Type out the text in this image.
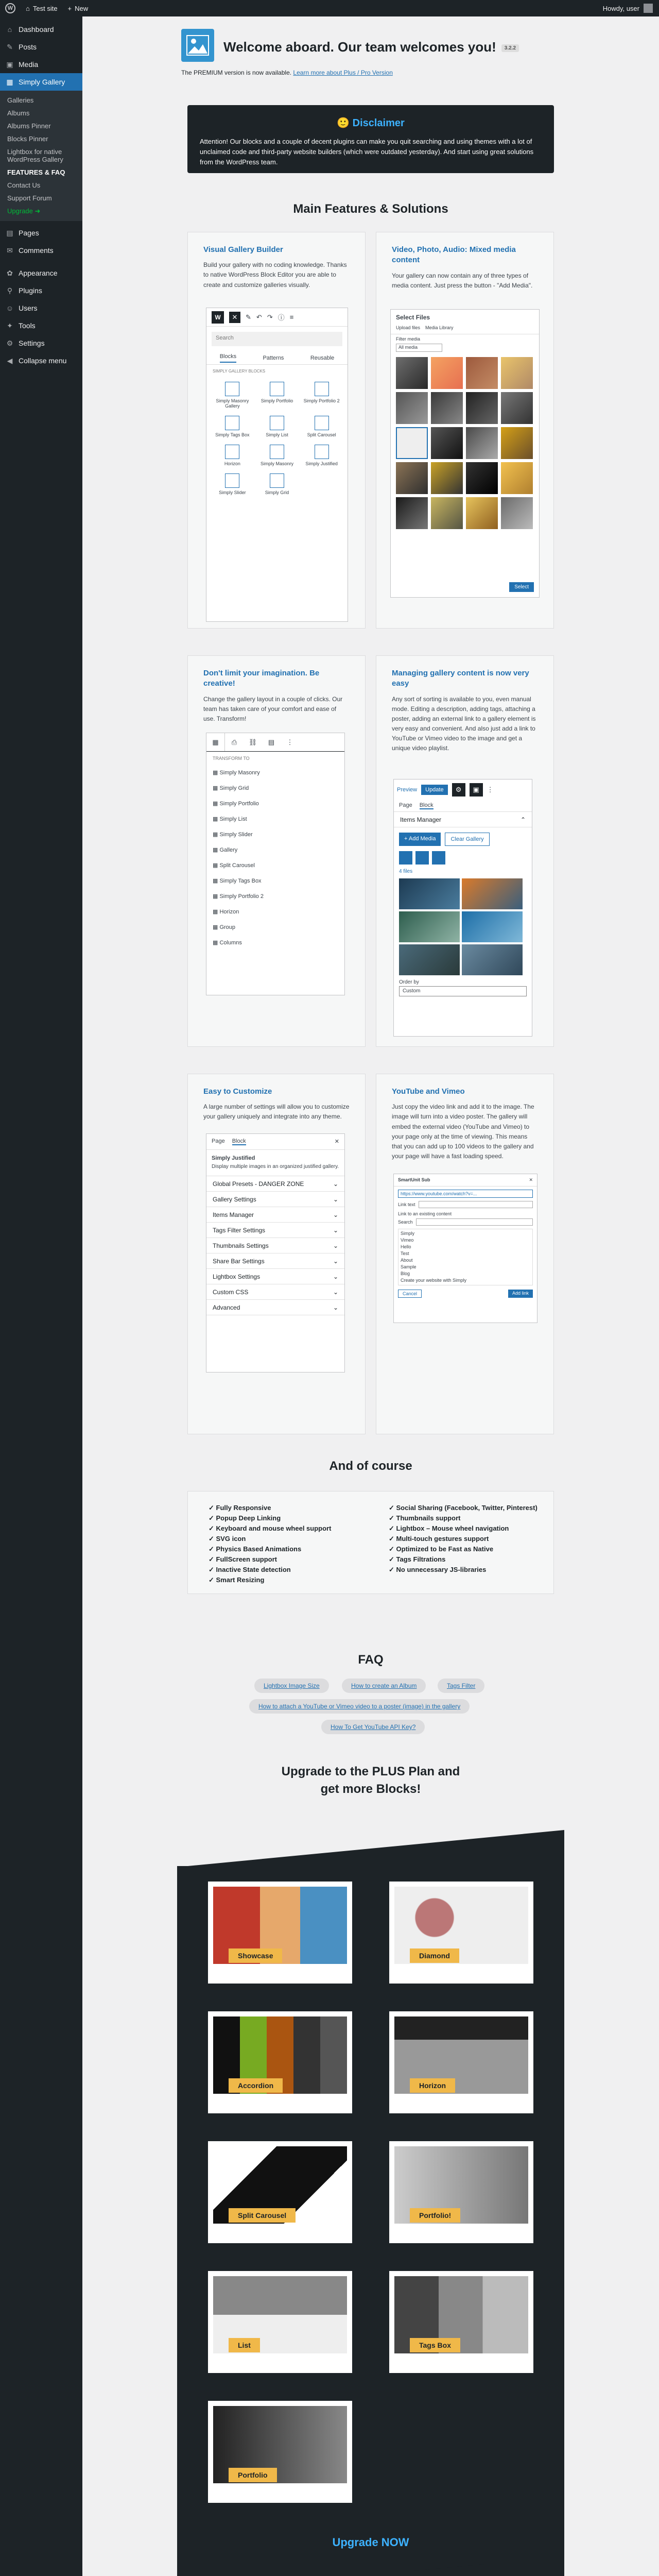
W	⌂ Test site + New	Howdy, user
⌂ Dashboard
✎ Posts
▣ Media
▦ Simply Gallery
Galleries
Albums
Albums Pinner
Blocks Pinner
Lightbox for native WordPress Gallery
FEATURES & FAQ
Contact Us
Support Forum
Upgrade ➜
▤ Pages
✉ Comments
✿ Appearance
⚲ Plugins
☺ Users
✦ Tools
⚙ Settings
◀ Collapse menu
Welcome aboard. Our team welcomes you! 3.2.2
The PREMIUM version is now available. Learn more about Plus / Pro Version
🙂 Disclaimer

Attention! Our blocks and a couple of decent plugins can make you quit searching and using themes with a lot of unclaimed code and third-party website builders (which were outdated yesterday). And start using great solutions from the WordPress team.

Main Features & Solutions
Visual Gallery Builder

Build your gallery with no coding knowledge. Thanks to native WordPress Block Editor you are able to create and customize galleries visually.

W	✕	✎ ↶ ↷ ⓘ ≡
Search
Blocks	Patterns	Reusable
SIMPLY GALLERY BLOCKS
Simply Masonry Gallery
Simply Portfolio	Simply Portfolio 2
Simply Tags Box	Simply List	Split Carousel
Horizon	Simply Masonry	Simply Justified
Simply Slider	Simply Grid
Video, Photo, Audio: Mixed media content

Your gallery can now contain any of three types of media content. Just press the button - "Add Media".

Select Files
Upload files Media Library
Filter media
All media
Select
Don't limit your imagination. Be creative!

Change the gallery layout in a couple of clicks. Our team has taken care of your comfort and ease of use. Transform!

▦	⎙	⛓	▤	⋮
TRANSFORM TO
▦ Simply Masonry
▦ Simply Grid
▦ Simply Portfolio
▦ Simply List
▦ Simply Slider
▦ Gallery
▦ Split Carousel
▦ Simply Tags Box
▦ Simply Portfolio 2
▦ Horizon
▦ Group
▦ Columns
Managing gallery content is now very easy

Any sort of sorting is available to you, even manual mode. Editing a description, adding tags, attaching a poster, adding an external link to a gallery element is very easy and convenient. And also just add a link to YouTube or Vimeo video to the image and get a unique video playlist.

Preview	Update	⚙	▣	⋮
Page Block
Items Manager	⌃
+ Add Media	Clear Gallery
4 files
Order by
Custom
Easy to Customize

A large number of settings will allow you to customize your gallery uniquely and integrate into any theme.

Page Block	✕
Simply Justified
Display multiple images in an organized justified gallery.
Global Presets - DANGER ZONE	⌄
Gallery Settings	⌄
Items Manager	⌄
Tags Filter Settings	⌄
Thumbnails Settings	⌄
Share Bar Settings	⌄
Lightbox Settings	⌄
Custom CSS	⌄
Advanced	⌄
YouTube and Vimeo

Just copy the video link and add it to the image. The image will turn into a video poster. The gallery will embed the external video (YouTube and Vimeo) to your page only at the time of viewing. This means that you can add up to 100 videos to the gallery and your page will have a fast loading speed.

SmartUnit Sub	✕
https://www.youtube.com/watch?v=...
Link text
Link to an existing content
Search
Simply
Vimeo
Hello
Test
About
Sample
Blog
Create your website with Simply
Cancel	Add link
And of course
✓ Fully Responsive
✓ Popup Deep Linking
✓ Keyboard and mouse wheel support
✓ SVG icon
✓ Physics Based Animations
✓ FullScreen support
✓ Inactive State detection
✓ Smart Resizing
✓ Social Sharing (Facebook, Twitter, Pinterest)
✓ Thumbnails support
✓ Lightbox – Mouse wheel navigation
✓ Multi-touch gestures support
✓ Optimized to be Fast as Native
✓ Tags Filtrations
✓ No unnecessary JS-libraries
FAQ
Lightbox Image Size	How to create an Album	Tags Filter
How to attach a YouTube or Vimeo video to a poster (image) in the gallery
How To Get YouTube API Key?
Upgrade to the PLUS Plan and get more Blocks!
Showcase	Diamond
Accordion	Horizon
Split Carousel	Portfolio!
List	Tags Box
Portfolio
Upgrade NOW
